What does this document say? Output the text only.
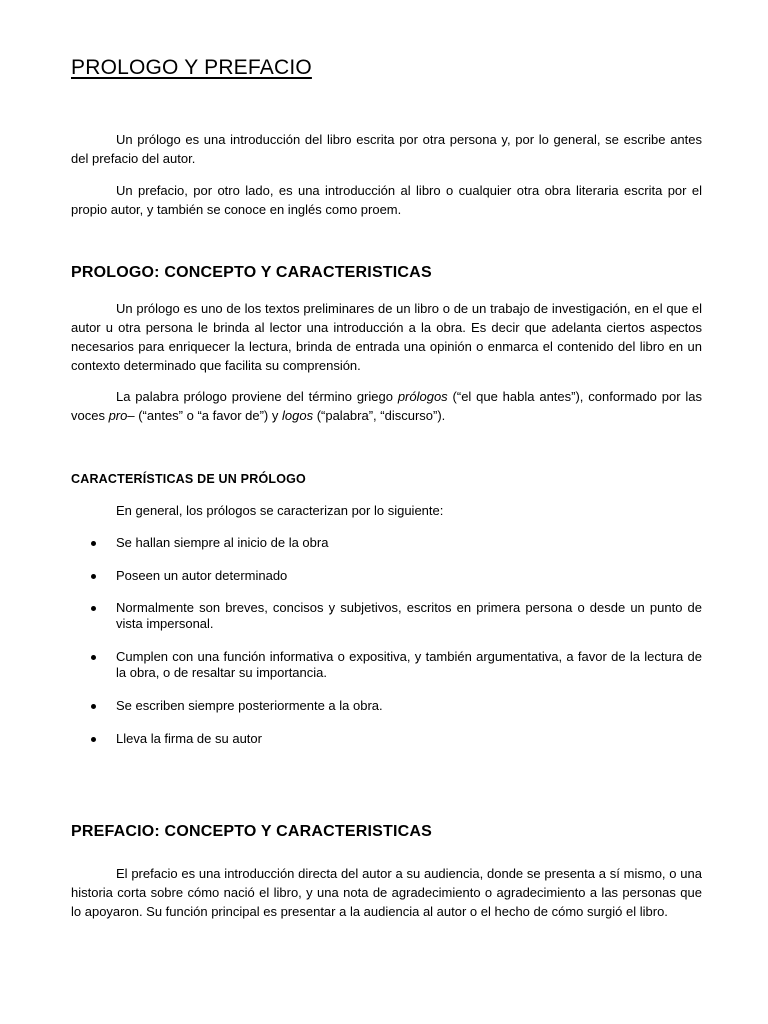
PROLOGO Y PREFACIO

Un prólogo es una introducción del libro escrita por otra persona y, por lo general, se escribe antes del prefacio del autor.

Un prefacio, por otro lado, es una introducción al libro o cualquier otra obra literaria escrita por el propio autor, y también se conoce en inglés como proem.

PROLOGO: CONCEPTO Y CARACTERISTICAS

Un prólogo es uno de los textos preliminares de un libro o de un trabajo de investigación, en el que el autor u otra persona le brinda al lector una introducción a la obra. Es decir que adelanta ciertos aspectos necesarios para enriquecer la lectura, brinda de entrada una opinión o enmarca el contenido del libro en un contexto determinado que facilita su comprensión.

La palabra prólogo proviene del término griego prólogos (“el que habla antes”), conformado por las voces pro– (“antes” o “a favor de”) y logos (“palabra”, “discurso”).

CARACTERÍSTICAS DE UN PRÓLOGO

En general, los prólogos se caracterizan por lo siguiente:

Se hallan siempre al inicio de la obra
Poseen un autor determinado
Normalmente son breves, concisos y subjetivos, escritos en primera persona o desde un punto de vista impersonal.
Cumplen con una función informativa o expositiva, y también argumentativa, a favor de la lectura de la obra, o de resaltar su importancia.
Se escriben siempre posteriormente a la obra.
Lleva la firma de su autor
PREFACIO: CONCEPTO Y CARACTERISTICAS

El prefacio es una introducción directa del autor a su audiencia, donde se presenta a sí mismo, o una historia corta sobre cómo nació el libro, y una nota de agradecimiento o agradecimiento a las personas que lo apoyaron. Su función principal es presentar a la audiencia al autor o el hecho de cómo surgió el libro.
